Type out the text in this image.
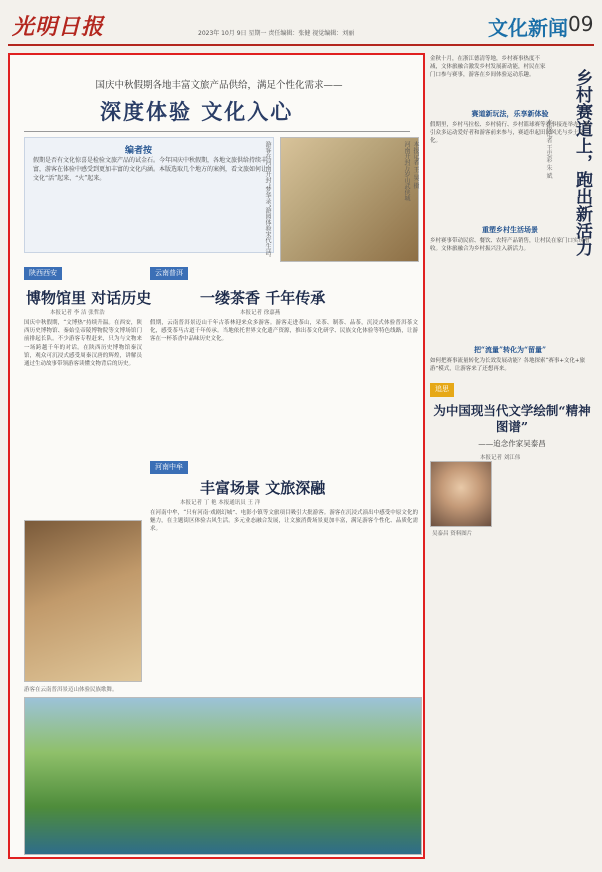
光明日报	2023年 10月 9日 星期一 责任编辑：张健 视觉编辑：刘丽	文化新闻 09
国庆中秋假期各地丰富文旅产品供给，满足个性化需求——
深度体验 文化入心
编者按
假期是否有文化惊喜是检验文旅产品的试金石。今年国庆中秋假期，各地文旅供给持续丰富，游客在体验中感受到更加丰富的文化内涵。本版选取几个地方的案例，看文旅如何让文化“活”起来、“火”起来。	游客在河南开封“梦华录”游园体验宋代生活。	本报记者 王 昊 摄
河南开封万岁山武侠城
陕西西安
博物馆里 对话历史
本报记者 李 洁 张哲浩
国庆中秋假期，“文博热”持续升温。在西安，陕西历史博物馆、秦始皇帝陵博物院等文博场馆门前排起长队。不少游客专程赶来，只为与文物来一场跨越千年的对话。在陕西历史博物馆秦汉馆，观众可沉浸式感受周秦汉唐的辉煌，讲解员通过生动故事带领游客读懂文物背后的历史。
云南普洱
一缕茶香 千年传承
本报记者 徐嘉燕
假期，云南普洱景迈山千年古茶林迎来众多游客。游客走进茶山，采茶、制茶、品茶，沉浸式体验普洱茶文化，感受茶马古道千年传承。当地依托世界文化遗产资源，推出茶文化研学、民族文化体验等特色线路，让游客在一杯茶香中品味历史文化。
河南中牟
丰富场景 文旅深融
本报记者 丁 艳 本报通讯员 王 洋
在河南中牟，“只有河南·戏剧幻城”、电影小镇等文旅项目吸引大批游客。游客在沉浸式演出中感受中原文化的魅力，在主题街区体验古风生活。多元业态融合发展，让文旅消费场景更加丰富，满足游客个性化、品质化需求。
游客在云南普洱景迈山体验民族歌舞。
金秋十月，在浙江德清等地，乡村赛事热度不减，文体旅融合激发乡村发展新动能，村民在家门口参与赛事，游客在乡间体验运动乐趣。	乡村赛道上，跑出新活力
本报记者 王忠彩 朱 斌
赛道新玩法，乐享新体验
假期里，乡村马拉松、乡村骑行、乡村篮球赛等赛事接连举办，吸引众多运动爱好者和游客前来参与，赛道串起田园风光与乡土文化。
重塑乡村生活场景
乡村赛事带动民宿、餐饮、农特产品销售，让村民在家门口实现增收。文体旅融合为乡村振兴注入新活力。
把“流量”转化为“留量”
如何把赛事流量转化为长效发展动能？各地探索“赛事+文化+旅游”模式，让游客来了还想再来。
追思
为中国现当代文学绘制“精神图谱”
——追念作家吴泰昌
本报记者 刘江伟
吴泰昌 资料图片
